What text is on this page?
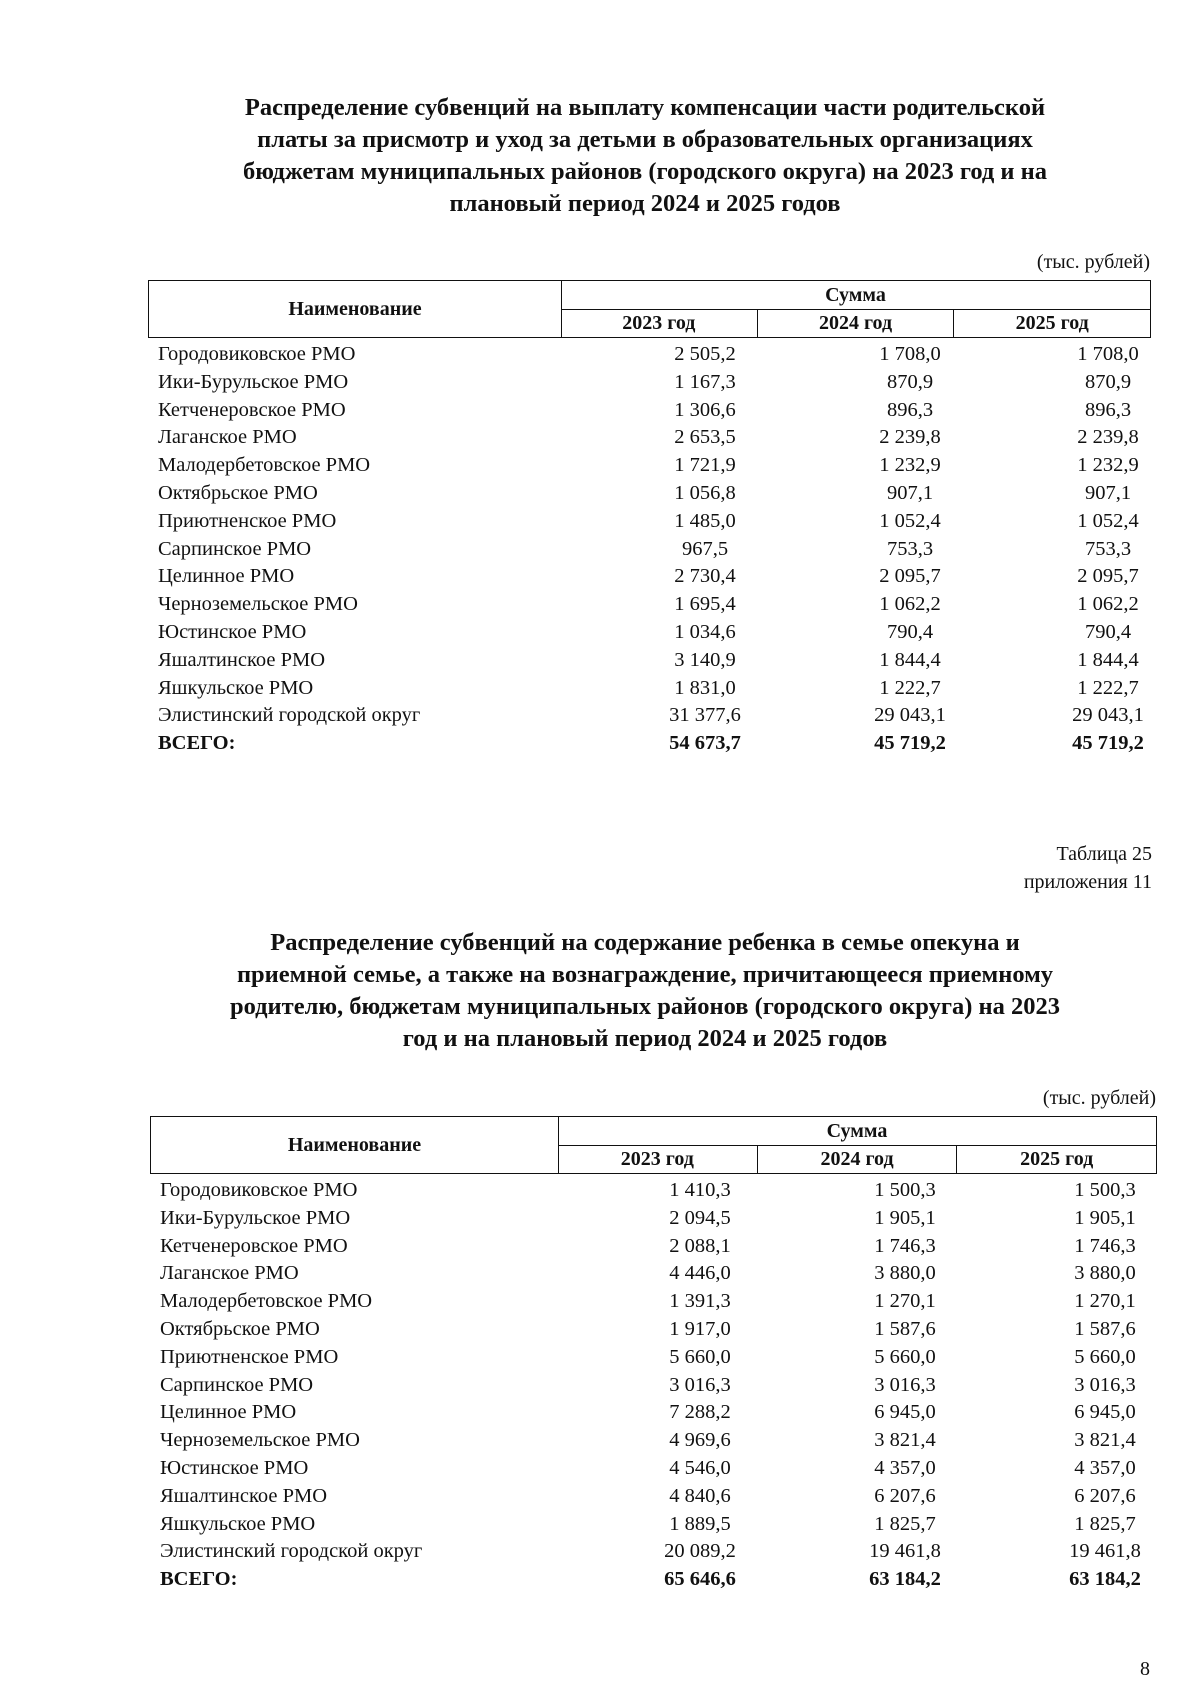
Распределение субвенций на выплату компенсации части родительской
платы за присмотр и уход за детьми в образовательных организациях
бюджетам муниципальных районов (городского округа) на 2023 год и на
плановый период 2024 и 2025 годов
(тыс. рублей)
Наименование
Сумма
2023 год	2024 год	2025 год
Городовиковское РМО	2 505,2	1 708,0	1 708,0
Ики-Бурульское РМО	1 167,3	870,9	870,9
Кетченеровское РМО	1 306,6	896,3	896,3
Лаганское РМО	2 653,5	2 239,8	2 239,8
Малодербетовское РМО	1 721,9	1 232,9	1 232,9
Октябрьское РМО	1 056,8	907,1	907,1
Приютненское РМО	1 485,0	1 052,4	1 052,4
Сарпинское РМО	967,5	753,3	753,3
Целинное РМО	2 730,4	2 095,7	2 095,7
Черноземельское РМО	1 695,4	1 062,2	1 062,2
Юстинское РМО	1 034,6	790,4	790,4
Яшалтинское РМО	3 140,9	1 844,4	1 844,4
Яшкульское РМО	1 831,0	1 222,7	1 222,7
Элистинский городской округ	31 377,6	29 043,1	29 043,1
ВСЕГО:	54 673,7	45 719,2	45 719,2
Таблица 25
приложения 11
Распределение субвенций на содержание ребенка в семье опекуна и
приемной семье, а также на вознаграждение, причитающееся приемному
родителю, бюджетам муниципальных районов (городского округа) на 2023
год и на плановый период 2024 и 2025 годов
(тыс. рублей)
Наименование
Сумма
2023 год	2024 год	2025 год
Городовиковское РМО	1 410,3	1 500,3	1 500,3
Ики-Бурульское РМО	2 094,5	1 905,1	1 905,1
Кетченеровское РМО	2 088,1	1 746,3	1 746,3
Лаганское РМО	4 446,0	3 880,0	3 880,0
Малодербетовское РМО	1 391,3	1 270,1	1 270,1
Октябрьское РМО	1 917,0	1 587,6	1 587,6
Приютненское РМО	5 660,0	5 660,0	5 660,0
Сарпинское РМО	3 016,3	3 016,3	3 016,3
Целинное РМО	7 288,2	6 945,0	6 945,0
Черноземельское РМО	4 969,6	3 821,4	3 821,4
Юстинское РМО	4 546,0	4 357,0	4 357,0
Яшалтинское РМО	4 840,6	6 207,6	6 207,6
Яшкульское РМО	1 889,5	1 825,7	1 825,7
Элистинский городской округ	20 089,2	19 461,8	19 461,8
ВСЕГО:	65 646,6	63 184,2	63 184,2
8
